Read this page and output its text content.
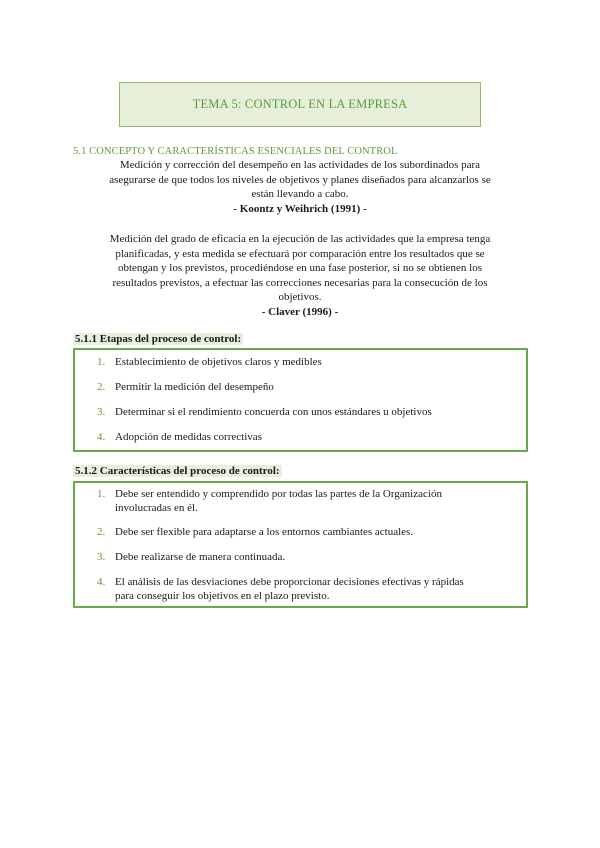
TEMA 5: CONTROL EN LA EMPRESA
5.1 CONCEPTO Y CARACTERÍSTICAS ESENCIALES DEL CONTROL
Medición y corrección del desempeño en las actividades de los subordinados para
asegurarse de que todos los niveles de objetivos y planes diseñados para alcanzarlos se
están llevando a cabo.
- Koontz y Weihrich (1991) -
Medición del grado de eficacia en la ejecución de las actividades que la empresa tenga
planificadas, y esta medida se efectuará por comparación entre los resultados que se
obtengan y los previstos, procediéndose en una fase posterior, si no se obtienen los
resultados previstos, a efectuar las correcciones necesarias para la consecución de los
objetivos.
- Claver (1996) -
5.1.1 Etapas del proceso de control:
1. Establecimiento de objetivos claros y medibles
2. Permitir la medición del desempeño
3. Determinar si el rendimiento concuerda con unos estándares u objetivos
4. Adopción de medidas correctivas
5.1.2 Características del proceso de control:
1. Debe ser entendido y comprendido por todas las partes de la Organización
involucradas en él.
2. Debe ser flexible para adaptarse a los entornos cambiantes actuales.
3. Debe realizarse de manera continuada.
4. El análisis de las desviaciones debe proporcionar decisiones efectivas y rápidas
para conseguir los objetivos en el plazo previsto.
